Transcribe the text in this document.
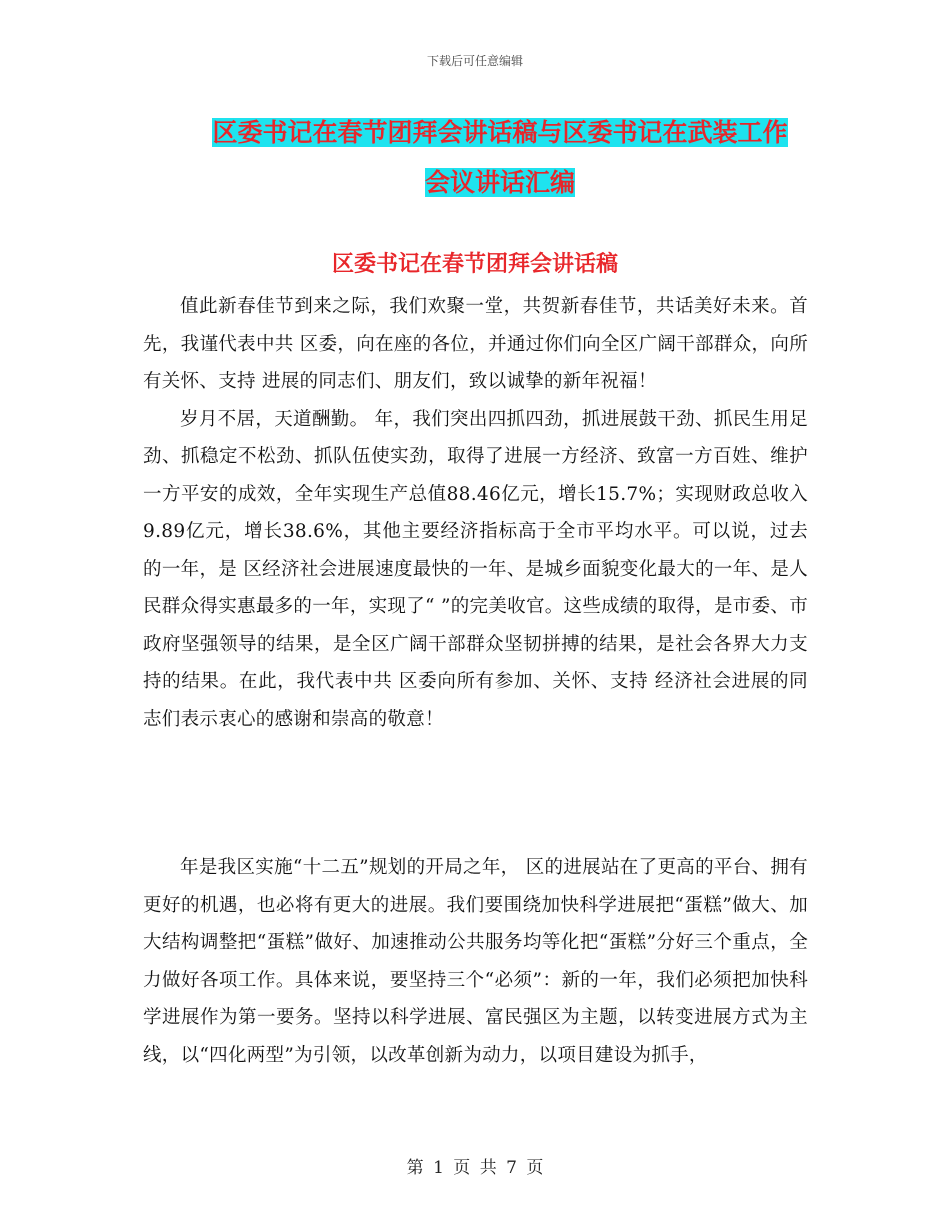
下载后可任意编辑
区委书记在春节团拜会讲话稿与区委书记在武装工作
会议讲话汇编
区委书记在春节团拜会讲话稿

值此新春佳节到来之际，我们欢聚一堂，共贺新春佳节，共话美好未来。首先，我谨代表中共 区委，向在座的各位，并通过你们向全区广阔干部群众，向所有关怀、支持 进展的同志们、朋友们，致以诚挚的新年祝福！

岁月不居，天道酬勤。 年，我们突出四抓四劲，抓进展鼓干劲、抓民生用足劲、抓稳定不松劲、抓队伍使实劲，取得了进展一方经济、致富一方百姓、维护一方平安的成效，全年实现生产总值88.46亿元，增长15.7%；实现财政总收入9.89亿元，增长38.6%，其他主要经济指标高于全市平均水平。可以说，过去的一年，是 区经济社会进展速度最快的一年、是城乡面貌变化最大的一年、是人民群众得实惠最多的一年，实现了“ ”的完美收官。这些成绩的取得，是市委、市政府坚强领导的结果，是全区广阔干部群众坚韧拼搏的结果，是社会各界大力支持的结果。在此，我代表中共 区委向所有参加、关怀、支持 经济社会进展的同志们表示衷心的感谢和崇高的敬意！

年是我区实施“十二五”规划的开局之年， 区的进展站在了更高的平台、拥有更好的机遇，也必将有更大的进展。我们要围绕加快科学进展把“蛋糕”做大、加大结构调整把“蛋糕”做好、加速推动公共服务均等化把“蛋糕”分好三个重点，全力做好各项工作。具体来说，要坚持三个“必须”：新的一年，我们必须把加快科学进展作为第一要务。坚持以科学进展、富民强区为主题，以转变进展方式为主线，以“四化两型”为引领，以改革创新为动力，以项目建设为抓手，

第 1 页 共 7 页
